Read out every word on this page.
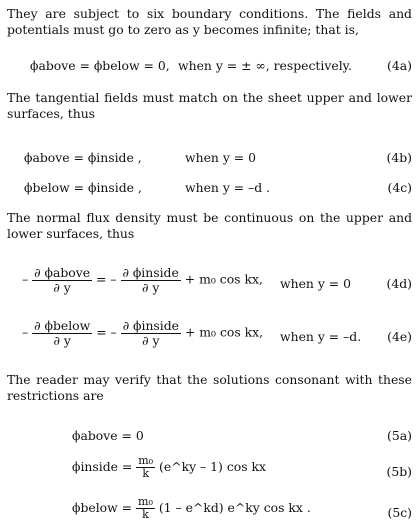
They are subject to six boundary conditions. The fields and potentials must go to zero as y becomes infinite; that is,

ϕabove = ϕbelow = 0, when y = ± ∞, respectively.	(4a)

The tangential fields must match on the sheet upper and lower surfaces, thus

ϕabove = ϕinside ,	when y = 0	(4b)
ϕbelow = ϕinside ,	when y = –d .	(4c)

The normal flux density must be continuous on the upper and lower surfaces, thus

– $\frac{\text{∂ ϕabove}}{\partial y}$ = – $\frac{\text{∂ ϕinside}}{\partial y} + m_0$ cos kx, when y = 0	(4d)
– $\frac{\text{∂ ϕbelow}}{\partial y}$ = – $\frac{\text{∂ ϕinside}}{\partial y} + m_0$ cos kx, when y = –d. (4e)

The reader may verify that the solutions consonant with these restrictions are

ϕabove = 0	(5a)
ϕinside = $\frac{\text{m₀}}{k}$ (e^ky – 1) cos kx	(5b)
ϕbelow = $\frac{\text{m₀}}{k} (1$ – e^kd) e^ky cos kx .	(5c)
